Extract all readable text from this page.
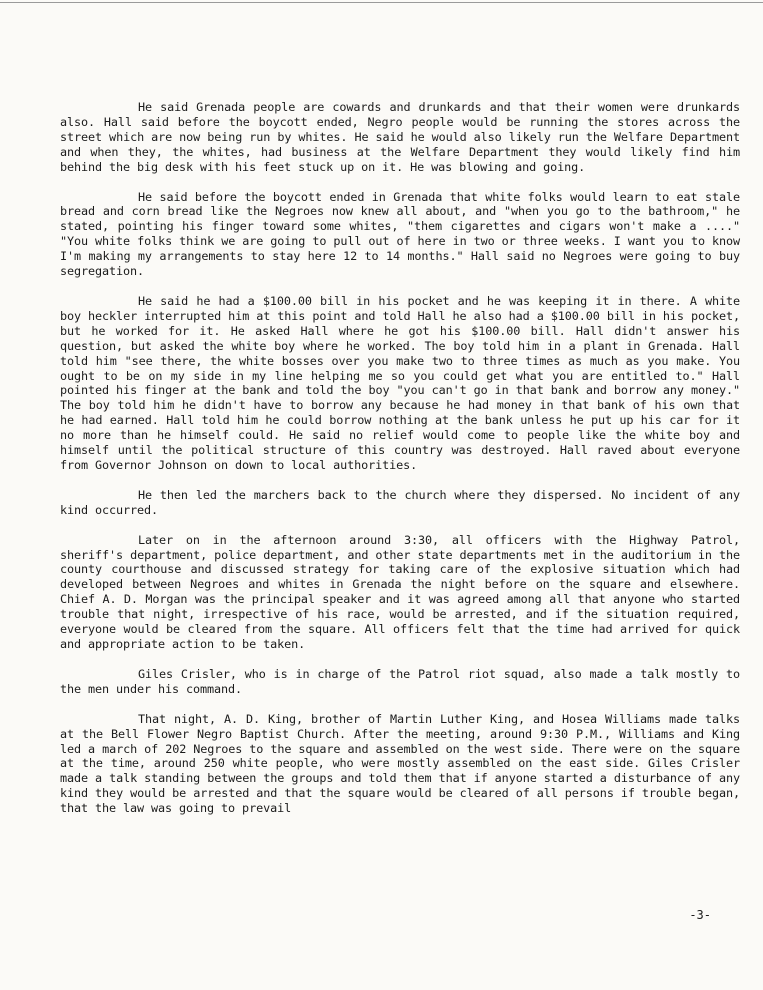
He said Grenada people are cowards and drunkards and that their women were drunkards also. Hall said before the boycott ended, Negro people would be running the stores across the street which are now being run by whites. He said he would also likely run the Welfare Department and when they, the whites, had business at the Welfare Department they would likely find him behind the big desk with his feet stuck up on it. He was blowing and going.

He said before the boycott ended in Grenada that white folks would learn to eat stale bread and corn bread like the Negroes now knew all about, and "when you go to the bathroom," he stated, pointing his finger toward some whites, "them cigarettes and cigars won't make a ...." "You white folks think we are going to pull out of here in two or three weeks. I want you to know I'm making my arrangements to stay here 12 to 14 months." Hall said no Negroes were going to buy segregation.

He said he had a $100.00 bill in his pocket and he was keeping it in there. A white boy heckler interrupted him at this point and told Hall he also had a $100.00 bill in his pocket, but he worked for it. He asked Hall where he got his $100.00 bill. Hall didn't answer his question, but asked the white boy where he worked. The boy told him in a plant in Grenada. Hall told him "see there, the white bosses over you make two to three times as much as you make. You ought to be on my side in my line helping me so you could get what you are entitled to." Hall pointed his finger at the bank and told the boy "you can't go in that bank and borrow any money." The boy told him he didn't have to borrow any because he had money in that bank of his own that he had earned. Hall told him he could borrow nothing at the bank unless he put up his car for it no more than he himself could. He said no relief would come to people like the white boy and himself until the political structure of this country was destroyed. Hall raved about everyone from Governor Johnson on down to local authorities.

He then led the marchers back to the church where they dispersed. No incident of any kind occurred.

Later on in the afternoon around 3:30, all officers with the Highway Patrol, sheriff's department, police department, and other state departments met in the auditorium in the county courthouse and discussed strategy for taking care of the explosive situation which had developed between Negroes and whites in Grenada the night before on the square and elsewhere. Chief A. D. Morgan was the principal speaker and it was agreed among all that anyone who started trouble that night, irrespective of his race, would be arrested, and if the situation required, everyone would be cleared from the square. All officers felt that the time had arrived for quick and appropriate action to be taken.

Giles Crisler, who is in charge of the Patrol riot squad, also made a talk mostly to the men under his command.

That night, A. D. King, brother of Martin Luther King, and Hosea Williams made talks at the Bell Flower Negro Baptist Church. After the meeting, around 9:30 P.M., Williams and King led a march of 202 Negroes to the square and assembled on the west side. There were on the square at the time, around 250 white people, who were mostly assembled on the east side. Giles Crisler made a talk standing between the groups and told them that if anyone started a disturbance of any kind they would be arrested and that the square would be cleared of all persons if trouble began, that the law was going to prevail

-3-
